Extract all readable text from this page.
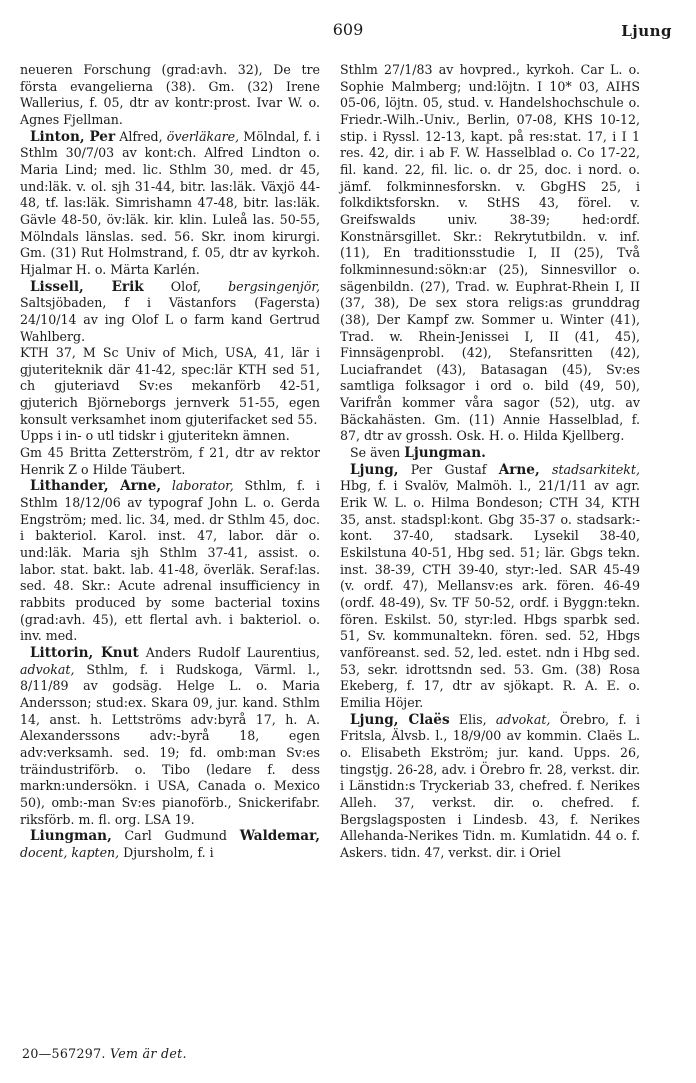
609	Ljung
neueren Forschung (grad:avh. 32), De tre första evangelierna (38). Gm. (32) Irene Wallerius, f. 05, dtr av kontr:prost. Ivar W. o. Agnes Fjellman.
Linton, Per Alfred, överläkare, Mölndal, f. i Sthlm 30/7/03 av kont:ch. Alfred Lindton o. Maria Lind; med. lic. Sthlm 30, med. dr 45, und:läk. v. ol. sjh 31-44, bitr. las:läk. Växjö 44-48, tf. las:läk. Simrishamn 47-48, bitr. las:läk. Gävle 48-50, öv:läk. kir. klin. Luleå las. 50-55, Mölndals länslas. sed. 56. Skr. inom kirurgi. Gm. (31) Rut Holmstrand, f. 05, dtr av kyrkoh. Hjalmar H. o. Märta Karlén.
Lissell, Erik Olof, bergsingenjör, Saltsjöbaden, f i Västanfors (Fagersta) 24/10/14 av ing Olof L o farm kand Gertrud Wahlberg.
KTH 37, M Sc Univ of Mich, USA, 41, lär i gjuteriteknik där 41-42, spec:lär KTH sed 51, ch gjuteriavd Sv:es mekanförb 42-51, gjuterich Björneborgs jernverk 51-55, egen konsult verksamhet inom gjuterifacket sed 55.
Upps i in- o utl tidskr i gjuteritekn ämnen.
Gm 45 Britta Zetterström, f 21, dtr av rektor Henrik Z o Hilde Täubert.
Lithander, Arne, laborator, Sthlm, f. i Sthlm 18/12/06 av typograf John L. o. Gerda Engström; med. lic. 34, med. dr Sthlm 45, doc. i bakteriol. Karol. inst. 47, labor. där o. und:läk. Maria sjh Sthlm 37-41, assist. o. labor. stat. bakt. lab. 41-48, överläk. Seraf:las. sed. 48. Skr.: Acute adrenal insufficiency in rabbits produced by some bacterial toxins (grad:avh. 45), ett flertal avh. i bakteriol. o. inv. med.
Littorin, Knut Anders Rudolf Laurentius, advokat, Sthlm, f. i Rudskoga, Värml. l., 8/11/89 av godsäg. Helge L. o. Maria Andersson; stud:ex. Skara 09, jur. kand. Sthlm 14, anst. h. Lettströms adv:byrå 17, h. A. Alexanderssons adv:-byrå 18, egen adv:verksamh. sed. 19; fd. omb:man Sv:es träindustriförb. o. Tibo (ledare f. dess markn:undersökn. i USA, Canada o. Mexico 50), omb:-man Sv:es pianoförb., Snickerifabr. riksförb. m. fl. org. LSA 19.
Liungman, Carl Gudmund Waldemar, docent, kapten, Djursholm, f. i
Sthlm 27/1/83 av hovpred., kyrkoh. Car L. o. Sophie Malmberg; und:löjtn. I 10* 03, AIHS 05-06, löjtn. 05, stud. v. Handelshochschule o. Friedr.-Wilh.-Univ., Berlin, 07-08, KHS 10-12, stip. i Ryssl. 12-13, kapt. på res:stat. 17, i I 1 res. 42, dir. i ab F. W. Hasselblad o. Co 17-22, fil. kand. 22, fil. lic. o. dr 25, doc. i nord. o. jämf. folkminnesforskn. v. GbgHS 25, i folkdiktsforskn. v. StHS 43, förel. v. Greifswalds univ. 38-39; hed:ordf. Konstnärsgillet. Skr.: Rekrytutbildn. v. inf. (11), En traditionsstudie I, II (25), Två folkminnesund:sökn:ar (25), Sinnesvillor o. sägenbildn. (27), Trad. w. Euphrat-Rhein I, II (37, 38), De sex stora religs:as grunddrag (38), Der Kampf zw. Sommer u. Winter (41), Trad. w. Rhein-Jenissei I, II (41, 45), Finnsägenprobl. (42), Stefansritten (42), Luciafrandet (43), Batasagan (45), Sv:es samtliga folksagor i ord o. bild (49, 50), Varifrån kommer våra sagor (52), utg. av Bäckahästen. Gm. (11) Annie Hasselblad, f. 87, dtr av grossh. Osk. H. o. Hilda Kjellberg.
Se även Ljungman.
Ljung, Per Gustaf Arne, stadsarkitekt, Hbg, f. i Svalöv, Malmöh. l., 21/1/11 av agr. Erik W. L. o. Hilma Bondeson; CTH 34, KTH 35, anst. stadspl:kont. Gbg 35-37 o. stadsark:-kont. 37-40, stadsark. Lysekil 38-40, Eskilstuna 40-51, Hbg sed. 51; lär. Gbgs tekn. inst. 38-39, CTH 39-40, styr:-led. SAR 45-49 (v. ordf. 47), Mellansv:es ark. fören. 46-49 (ordf. 48-49), Sv. TF 50-52, ordf. i Byggn:tekn. fören. Eskilst. 50, styr:led. Hbgs sparbk sed. 51, Sv. kommunaltekn. fören. sed. 52, Hbgs vanföreanst. sed. 52, led. estet. ndn i Hbg sed. 53, sekr. idrottsndn sed. 53. Gm. (38) Rosa Ekeberg, f. 17, dtr av sjökapt. R. A. E. o. Emilia Höjer.
Ljung, Claës Elis, advokat, Örebro, f. i Fritsla, Älvsb. l., 18/9/00 av kommin. Claës L. o. Elisabeth Ekström; jur. kand. Upps. 26, tingstjg. 26-28, adv. i Örebro fr. 28, verkst. dir. i Länstidn:s Tryckeriab 33, chefred. f. Nerikes Alleh. 37, verkst. dir. o. chefred. f. Bergslagsposten i Lindesb. 43, f. Nerikes Allehanda-Nerikes Tidn. m. Kumlatidn. 44 o. f. Askers. tidn. 47, verkst. dir. i Oriel
20—567297. Vem är det.
